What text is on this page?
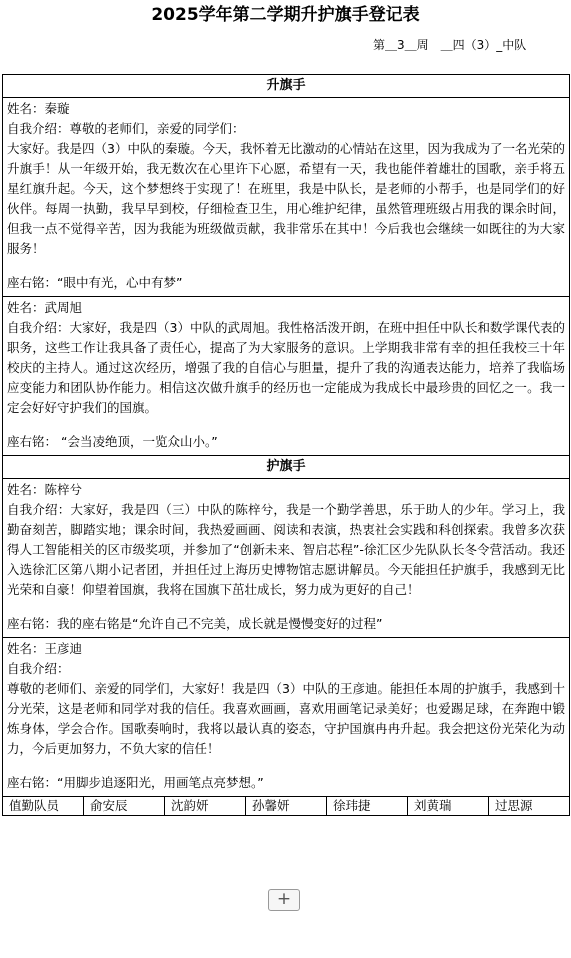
2025学年第二学期升护旗手登记表
第＿3＿周　＿四（3）_中队
升旗手

姓名：秦璇

自我介绍：尊敬的老师们，亲爱的同学们：

大家好。我是四（3）中队的秦璇。今天，我怀着无比激动的心情站在这里，因为我成为了一名光荣的升旗手！从一年级开始，我无数次在心里许下心愿，希望有一天，我也能伴着雄壮的国歌，亲手将五星红旗升起。今天，这个梦想终于实现了！在班里，我是中队长，是老师的小帮手，也是同学们的好伙伴。每周一执勤，我早早到校，仔细检查卫生，用心维护纪律，虽然管理班级占用我的课余时间，但我一点不觉得辛苦，因为我能为班级做贡献，我非常乐在其中！今后我也会继续一如既往的为大家服务！

座右铭：“眼中有光，心中有梦”

姓名：武周旭

自我介绍：大家好，我是四（3）中队的武周旭。我性格活泼开朗，在班中担任中队长和数学课代表的职务，这些工作让我具备了责任心，提高了为大家服务的意识。上学期我非常有幸的担任我校三十年校庆的主持人。通过这次经历，增强了我的自信心与胆量，提升了我的沟通表达能力，培养了我临场应变能力和团队协作能力。相信这次做升旗手的经历也一定能成为我成长中最珍贵的回忆之一。我一定会好好守护我们的国旗。

座右铭： “会当凌绝顶，一览众山小。”

护旗手

姓名：陈梓兮

自我介绍：大家好，我是四（三）中队的陈梓兮，我是一个勤学善思，乐于助人的少年。学习上，我勤奋刻苦，脚踏实地；课余时间，我热爱画画、阅读和表演，热衷社会实践和科创探索。我曾多次获得人工智能相关的区市级奖项，并参加了“创新未来、智启芯程”-徐汇区少先队队长冬令营活动。我还入选徐汇区第八期小记者团，并担任过上海历史博物馆志愿讲解员。今天能担任护旗手，我感到无比光荣和自豪！仰望着国旗，我将在国旗下茁壮成长，努力成为更好的自己！

座右铭：我的座右铭是“允许自己不完美，成长就是慢慢变好的过程”

姓名：王彦迪

自我介绍：

尊敬的老师们、亲爱的同学们，大家好！我是四（3）中队的王彦迪。能担任本周的护旗手，我感到十分光荣，这是老师和同学对我的信任。我喜欢画画，喜欢用画笔记录美好；也爱踢足球，在奔跑中锻炼身体，学会合作。国歌奏响时，我将以最认真的姿态，守护国旗冉冉升起。我会把这份光荣化为动力，今后更加努力，不负大家的信任！

座右铭：“用脚步追逐阳光，用画笔点亮梦想。”

值勤队员	俞安辰	沈韵妍	孙馨妍	徐玮捷	刘黄瑞	过思源
+
